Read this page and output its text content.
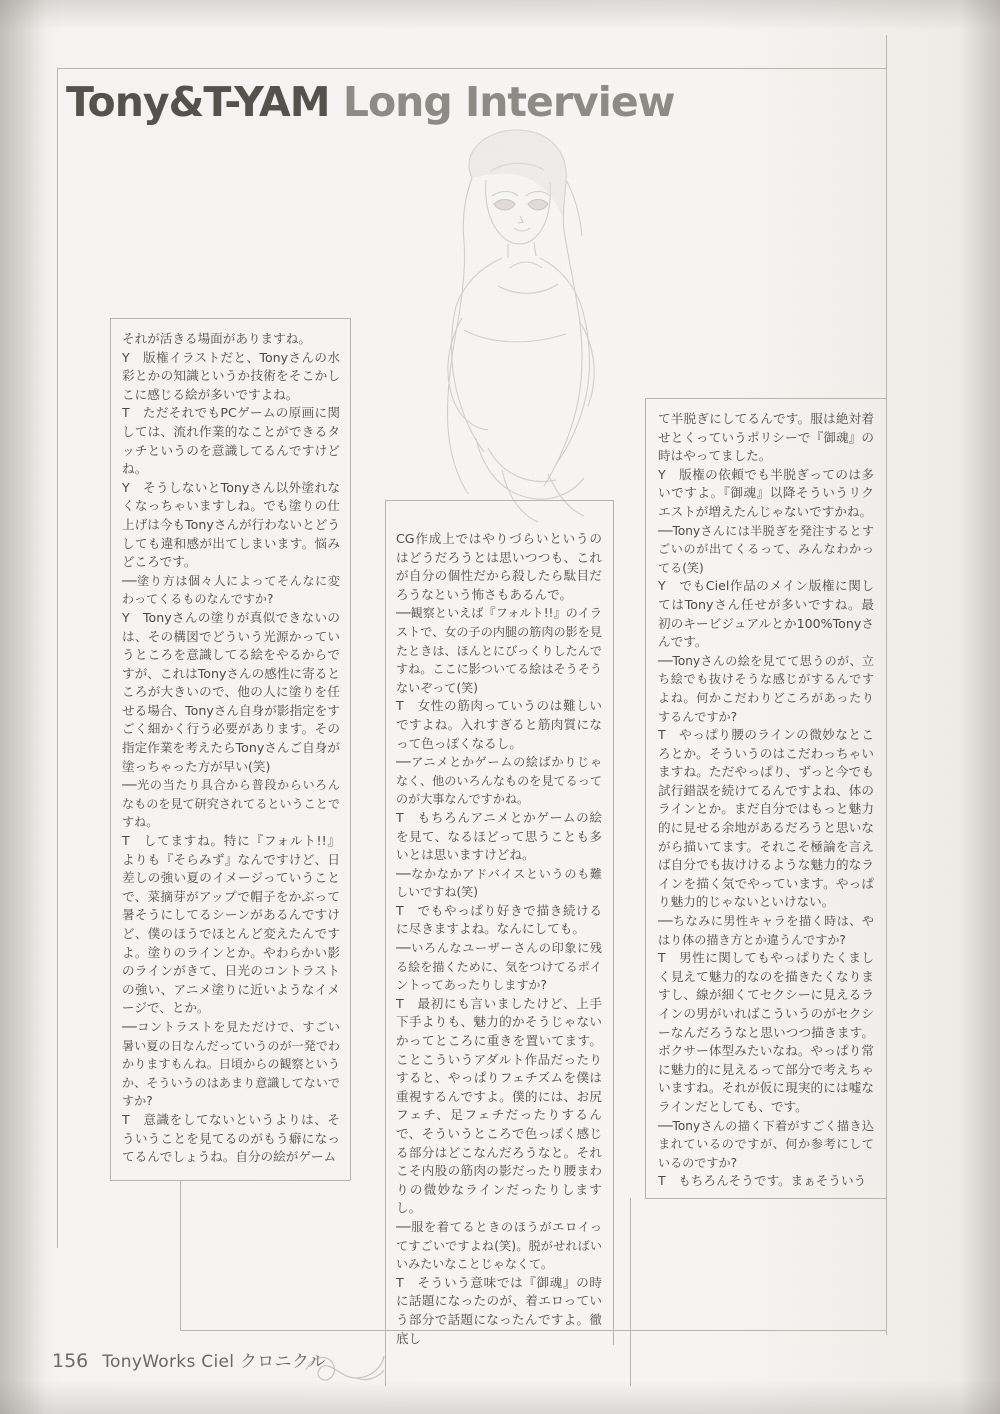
Tony&T-YAM Long Interview

それが活きる場面がありますね。

Y　版権イラストだと、Tonyさんの水彩とかの知識というか技術をそこかしこに感じる絵が多いですよね。

T　ただそれでもPCゲームの原画に関しては、流れ作業的なことができるタッチというのを意識してるんですけどね。

Y　そうしないとTonyさん以外塗れなくなっちゃいますしね。でも塗りの仕上げは今もTonyさんが行わないとどうしても違和感が出てしまいます。悩みどころです。

──塗り方は個々人によってそんなに変わってくるものなんですか?

Y　Tonyさんの塗りが真似できないのは、その構図でどういう光源かっていうところを意識してる絵をやるからですが、これはTonyさんの感性に寄るところが大きいので、他の人に塗りを任せる場合、Tonyさん自身が影指定をすごく細かく行う必要があります。その指定作業を考えたらTonyさんご自身が塗っちゃった方が早い(笑)

──光の当たり具合から普段からいろんなものを見て研究されてるということですね。

T　してますね。特に『フォルト!!』よりも『そらみず』なんですけど、日差しの強い夏のイメージっていうことで、菜摘芽がアップで帽子をかぶって暑そうにしてるシーンがあるんですけど、僕のほうでほとんど変えたんですよ。塗りのラインとか。やわらかい影のラインがきて、日光のコントラストの強い、アニメ塗りに近いようなイメージで、とか。

──コントラストを見ただけで、すごい暑い夏の日なんだっていうのが一発でわかりますもんね。日頃からの観察というか、そういうのはあまり意識してないですか?

T　意識をしてないというよりは、そういうことを見てるのがもう癖になってるんでしょうね。自分の絵がゲーム

CG作成上ではやりづらいというのはどうだろうとは思いつつも、これが自分の個性だから殺したら駄目だろうなという怖さもあるんで。

──観察といえば『フォルト!!』のイラストで、女の子の内腿の筋肉の影を見たときは、ほんとにびっくりしたんですね。ここに影ついてる絵はそうそうないぞって(笑)

T　女性の筋肉っていうのは難しいですよね。入れすぎると筋肉質になって色っぽくなるし。

──アニメとかゲームの絵ばかりじゃなく、他のいろんなものを見てるってのが大事なんですかね。

T　もちろんアニメとかゲームの絵を見て、なるほどって思うことも多いとは思いますけどね。

──なかなかアドバイスというのも難しいですね(笑)

T　でもやっぱり好きで描き続けるに尽きますよね。なんにしても。

──いろんなユーザーさんの印象に残る絵を描くために、気をつけてるポイントってあったりしますか?

T　最初にも言いましたけど、上手下手よりも、魅力的かそうじゃないかってところに重きを置いてます。ことこういうアダルト作品だったりすると、やっぱりフェチズムを僕は重視するんですよ。僕的には、お尻フェチ、足フェチだったりするんで、そういうところで色っぽく感じる部分はどこなんだろうなと。それこそ内股の筋肉の影だったり腰まわりの微妙なラインだったりしますし。

──服を着てるときのほうがエロイってすごいですよね(笑)。脱がせればいいみたいなことじゃなくて。

T　そういう意味では『御魂』の時に話題になったのが、着エロっていう部分で話題になったんですよ。徹底し

て半脱ぎにしてるんです。服は絶対着せとくっていうポリシーで『御魂』の時はやってました。

Y　版権の依頼でも半脱ぎってのは多いですよ。『御魂』以降そういうリクエストが増えたんじゃないですかね。

──Tonyさんには半脱ぎを発注するとすごいのが出てくるって、みんなわかってる(笑)

Y　でもCiel作品のメイン版権に関してはTonyさん任せが多いですね。最初のキービジュアルとか100%Tonyさんです。

──Tonyさんの絵を見てて思うのが、立ち絵でも抜けそうな感じがするんですよね。何かこだわりどころがあったりするんですか?

T　やっぱり腰のラインの微妙なところとか。そういうのはこだわっちゃいますね。ただやっぱり、ずっと今でも試行錯誤を続けてるんですよね、体のラインとか。まだ自分ではもっと魅力的に見せる余地があるだろうと思いながら描いてます。それこそ極論を言えば自分でも抜けけるような魅力的なラインを描く気でやっています。やっぱり魅力的じゃないといけない。

──ちなみに男性キャラを描く時は、やはり体の描き方とか違うんですか?

T　男性に関してもやっぱりたくましく見えて魅力的なのを描きたくなりますし、線が細くてセクシーに見えるラインの男がいればこういうのがセクシーなんだろうなと思いつつ描きます。ボクサー体型みたいなね。やっぱり常に魅力的に見えるって部分で考えちゃいますね。それが仮に現実的には嘘なラインだとしても、です。

──Tonyさんの描く下着がすごく描き込まれているのですが、何か参考にしているのですか?

T　もちろんそうです。まぁそういう

156 TonyWorks Ciel クロニクル
